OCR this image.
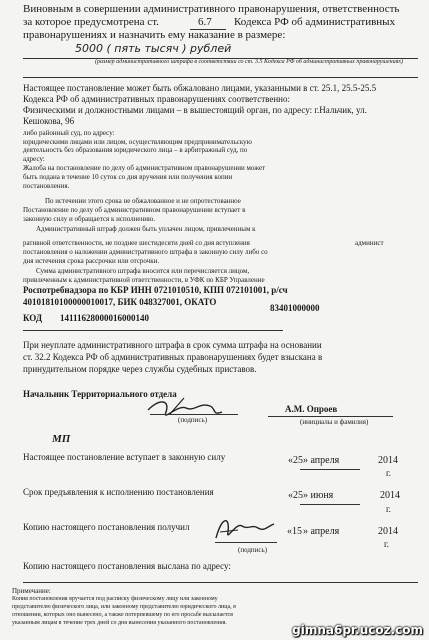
Виновным в совершении административного правонарушения, ответственность
за которое предусмотрена ст.	6.7 Кодекса РФ об административных
правонарушениях и назначить ему наказание в размере:
5000 ( пять тысяч ) рублей
(размер административного штрафа в соответствии со ст. 3.5 Кодекса РФ об административных правонарушениях)
Настоящее постановление может быть обжаловано лицами, указанными в ст. 25.1, 25.5-25.5
Кодекса РФ об административных правонарушениях соответственно:
Физическими и должностными лицами – в вышестоящий орган, по адресу: г.Нальчик, ул.
Кешокова, 96
либо районный суд, по адресу:
юридическими лицами или лицом, осуществляющим предпринимательскую
деятельность без образования юридического лица – в арбитражный суд, по
адресу:
Жалоба на постановление по делу об административном правонарушении может
быть подана в течение 10 суток со дня вручения или получения копии
постановления.
По истечении этого срока не обжалованное и не опротестованное
Постановление по делу об административном правонарушении вступает в
законную силу и обращается к исполнению.
Административный штраф должен быть уплачен лицом, привлеченным к
ративной ответственности, не позднее шестидесяти дней со дня вступления	админист
постановления о наложении административного штрафа в законную силу либо со
дня истечения срока рассрочки или отсрочки.
Сумма административного штрафа вносится или перечисляется лицом,
привлеченным к административной ответственности, в УФК по КБР Управление
Роспотребнадзора по КБР ИНН 0721010510, КПП 072101001, р/сч
40101810100000010017, БИК 048327001, ОКАТО
83401000000
КОД 14111628000016000140
При неуплате административного штрафа в срок сумма штрафа на основании
ст. 32.2 Кодекса РФ об административных правонарушениях будет взыскана в
принудительном порядке через службы судебных приставов.
Начальник Территориального отдела
(подпись)
А.М. Опроев
(инициалы и фамилия)
МП
Настоящее постановление вступает в законную силу	«25 » апреля	2014
г.
Срок предъявления к исполнению постановления	«25 » июня	2014
г.
Копию настоящего постановления получил	«15 » апреля	2014
г.
(подпись)
Копию настоящего постановления выслана по адресу:
Примечание:
Копия постановления вручается под расписку физическому лицу или законному
представителю физического лица, или законному представителю юридического лица, в
отношении, которых оно вынесено, а также потерпевшему по его просьбе высылается
указанным лицам в течение трех дней со дня вынесения указанного постановления.	gimna6pr.ucoz.com
